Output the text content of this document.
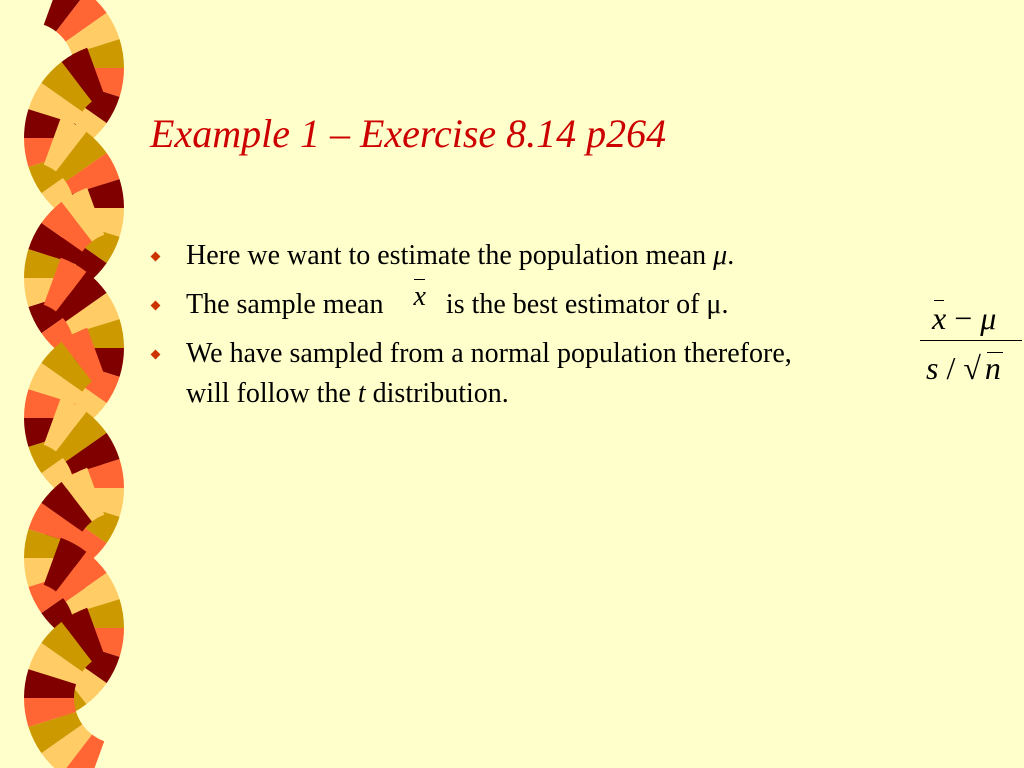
Example 1 – Exercise 8.14 p264
Here we want to estimate the population mean μ.
The sample mean x is the best estimator of μ.
We have sampled from a normal population therefore,
will follow the t distribution.
x − μ
s / √ n
